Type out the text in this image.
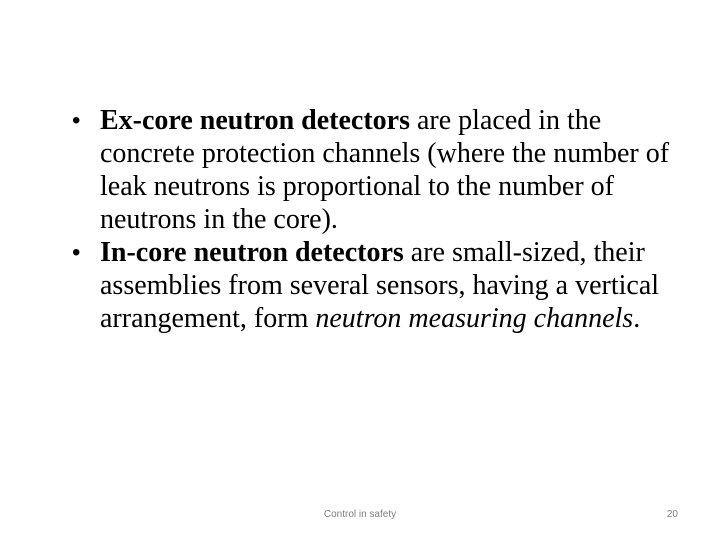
• Ex-core neutron detectors are placed in the concrete protection channels (where the number of leak neutrons is proportional to the number of neutrons in the core).
• In-core neutron detectors are small-sized, their assemblies from several sensors, having a vertical arrangement, form neutron measuring channels.
Control in safety	20
